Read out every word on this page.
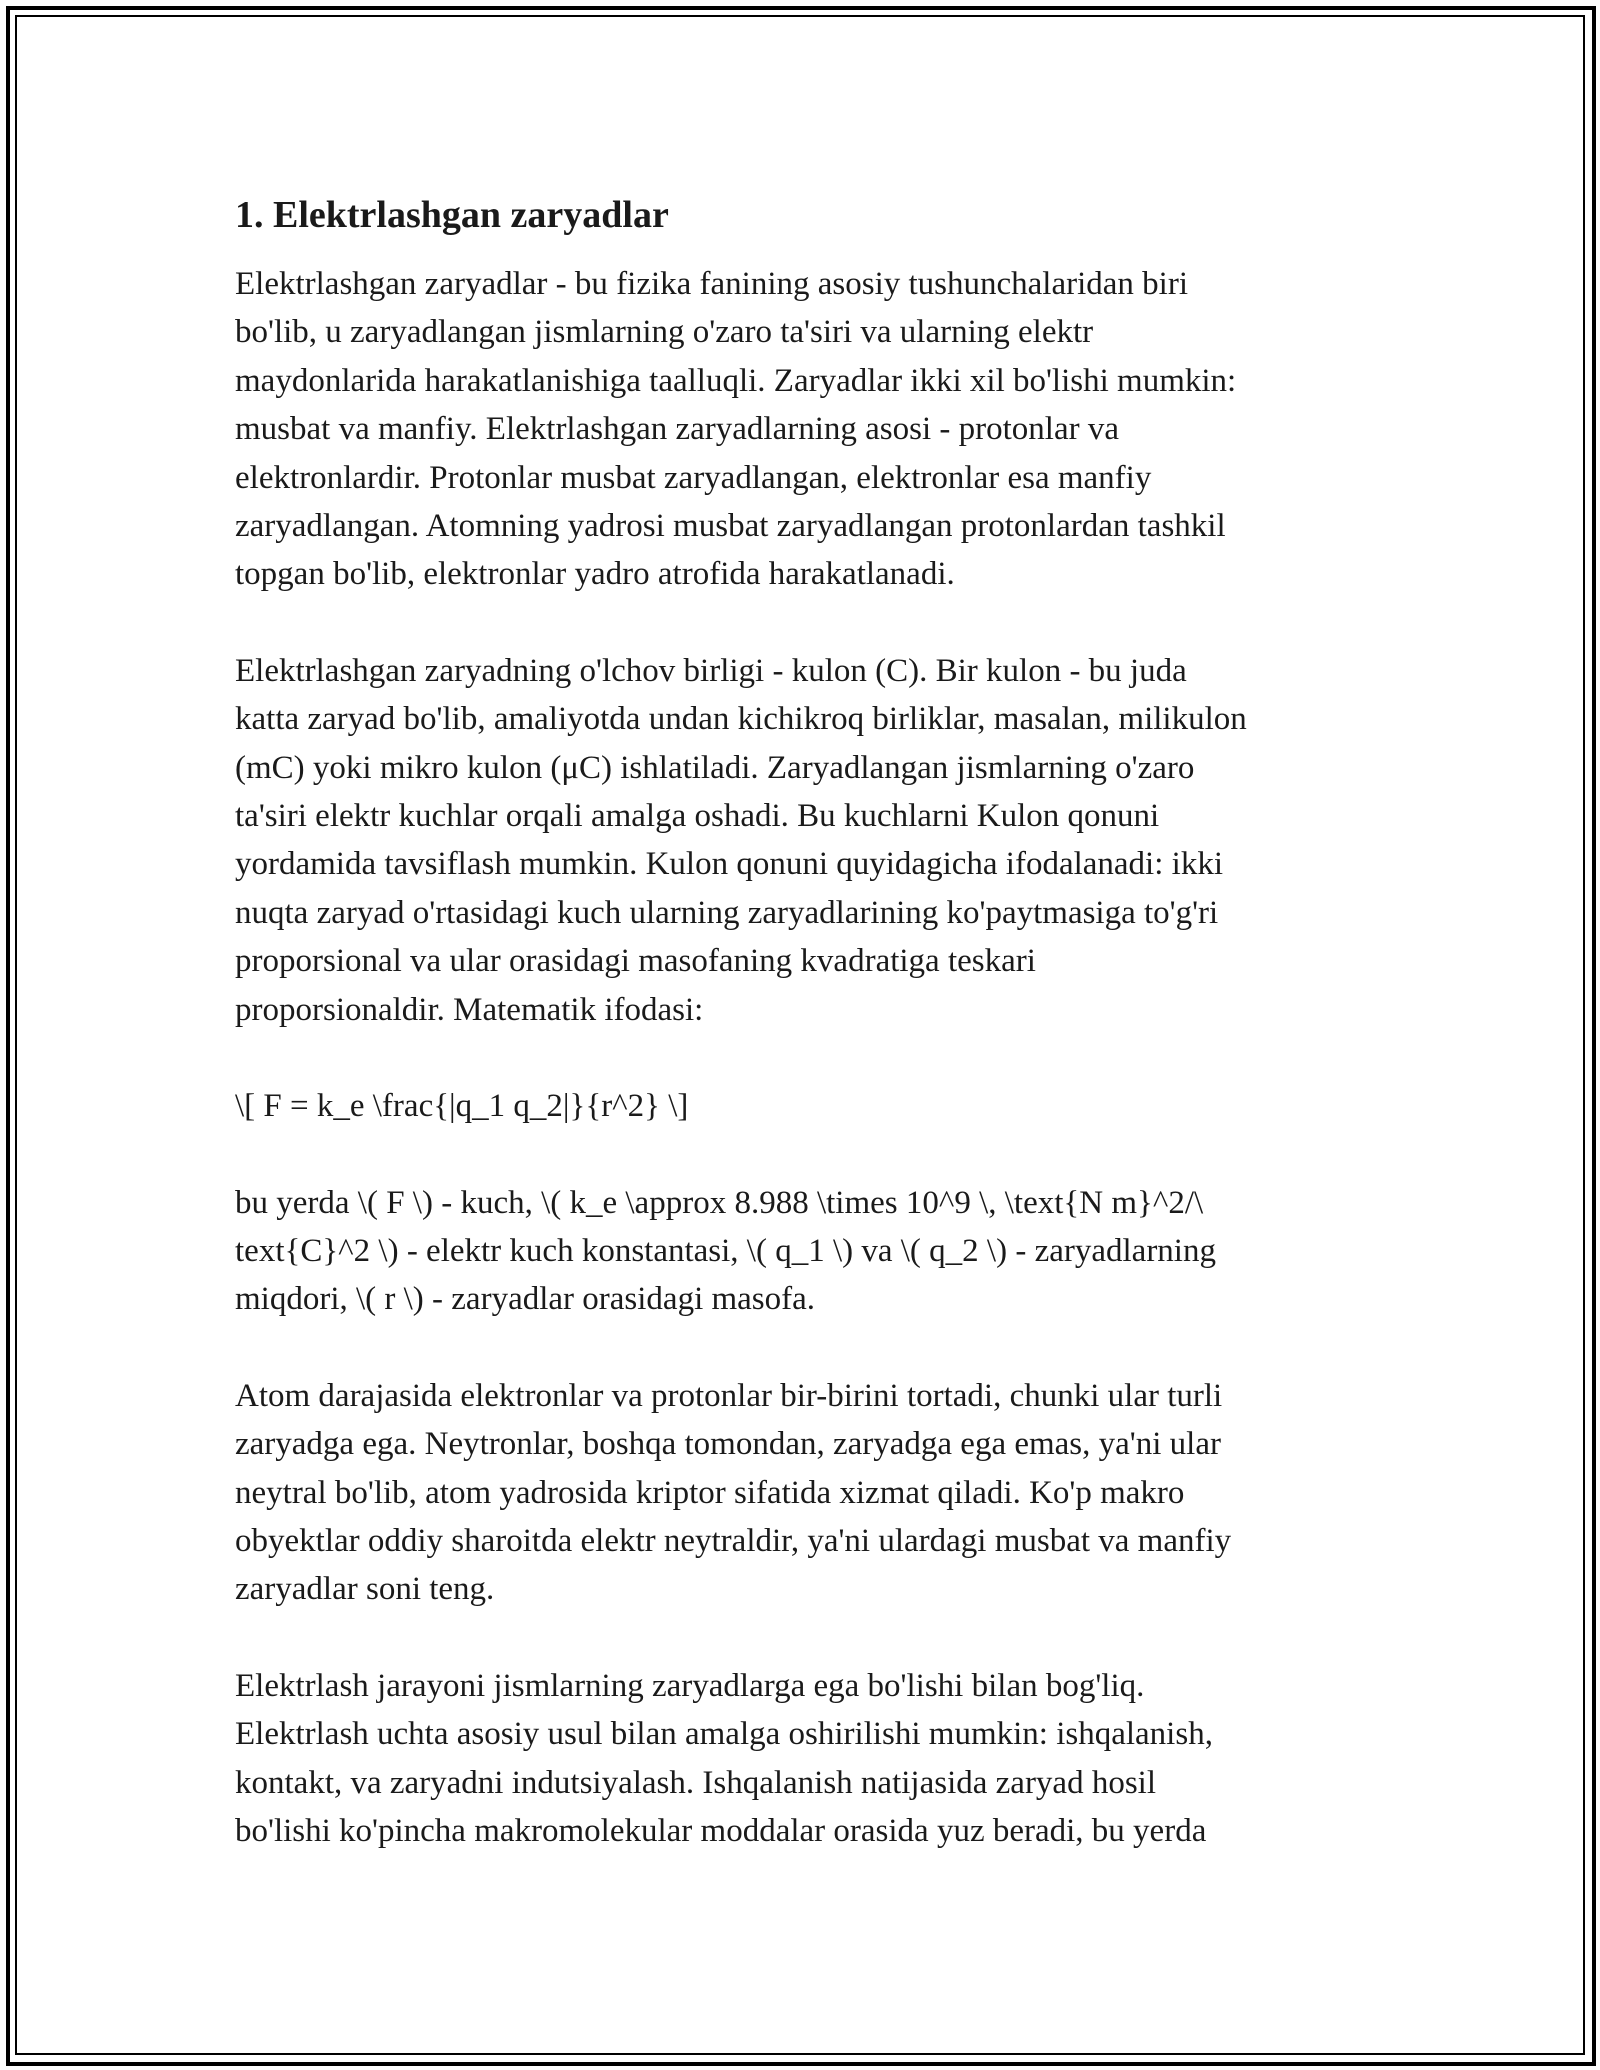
1. Elektrlashgan zaryadlar
Elektrlashgan zaryadlar - bu fizika fanining asosiy tushunchalaridan biri
bo'lib, u zaryadlangan jismlarning o'zaro ta'siri va ularning elektr
maydonlarida harakatlanishiga taalluqli. Zaryadlar ikki xil bo'lishi mumkin:
musbat va manfiy. Elektrlashgan zaryadlarning asosi - protonlar va
elektronlardir. Protonlar musbat zaryadlangan, elektronlar esa manfiy
zaryadlangan. Atomning yadrosi musbat zaryadlangan protonlardan tashkil
topgan bo'lib, elektronlar yadro atrofida harakatlanadi.
Elektrlashgan zaryadning o'lchov birligi - kulon (C). Bir kulon - bu juda
katta zaryad bo'lib, amaliyotda undan kichikroq birliklar, masalan, milikulon
(mC) yoki mikro kulon (μC) ishlatiladi. Zaryadlangan jismlarning o'zaro
ta'siri elektr kuchlar orqali amalga oshadi. Bu kuchlarni Kulon qonuni
yordamida tavsiflash mumkin. Kulon qonuni quyidagicha ifodalanadi: ikki
nuqta zaryad o'rtasidagi kuch ularning zaryadlarining ko'paytmasiga to'g'ri
proporsional va ular orasidagi masofaning kvadratiga teskari
proporsionaldir. Matematik ifodasi:
\[ F = k_e \frac{|q_1 q_2|}{r^2} \]
bu yerda \( F \) - kuch, \( k_e \approx 8.988 \times 10^9 \, \text{N m}^2/\
text{C}^2 \) - elektr kuch konstantasi, \( q_1 \) va \( q_2 \) - zaryadlarning
miqdori, \( r \) - zaryadlar orasidagi masofa.
Atom darajasida elektronlar va protonlar bir-birini tortadi, chunki ular turli
zaryadga ega. Neytronlar, boshqa tomondan, zaryadga ega emas, ya'ni ular
neytral bo'lib, atom yadrosida kriptor sifatida xizmat qiladi. Ko'p makro
obyektlar oddiy sharoitda elektr neytraldir, ya'ni ulardagi musbat va manfiy
zaryadlar soni teng.
Elektrlash jarayoni jismlarning zaryadlarga ega bo'lishi bilan bog'liq.
Elektrlash uchta asosiy usul bilan amalga oshirilishi mumkin: ishqalanish,
kontakt, va zaryadni indutsiyalash. Ishqalanish natijasida zaryad hosil
bo'lishi ko'pincha makromolekular moddalar orasida yuz beradi, bu yerda
